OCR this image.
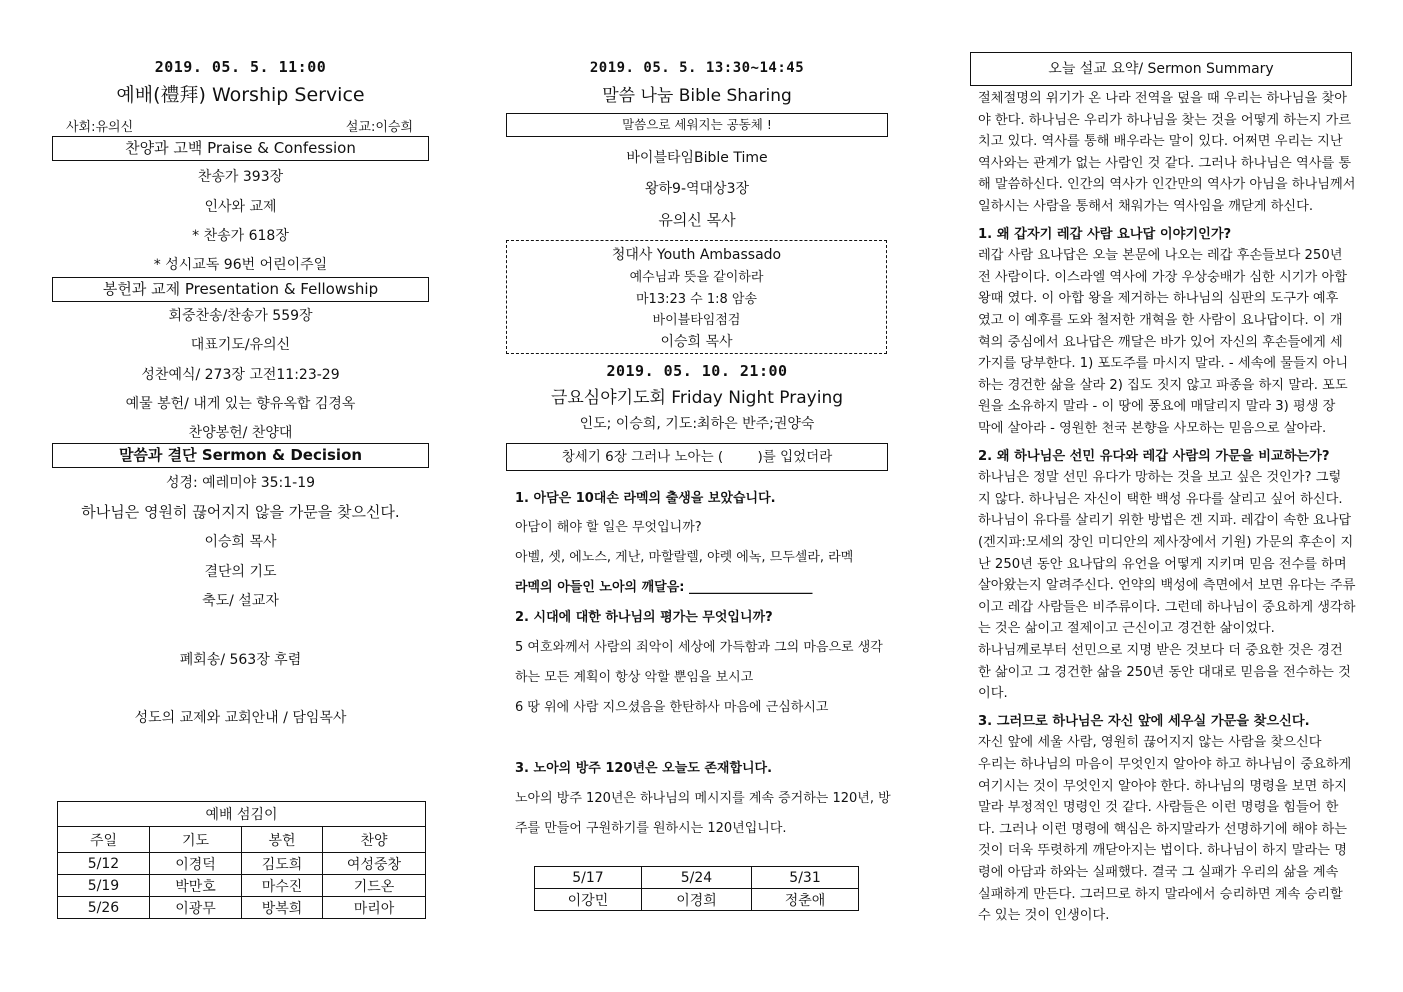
2019. 05. 5. 11:00
예배(禮拜) Worship Service
사회:유의신	설교:이승희
찬양과 고백 Praise & Confession
찬송가 393장
인사와 교제
* 찬송가 618장
* 성시교독 96번 어린이주일
봉헌과 교제 Presentation & Fellowship
회중찬송/찬송가 559장
대표기도/유의신
성찬예식/ 273장 고전11:23-29
예물 봉헌/ 내게 있는 향유옥합 김경옥
찬양봉헌/ 찬양대
말씀과 결단 Sermon & Decision
성경: 예레미야 35:1-19
하나님은 영원히 끊어지지 않을 가문을 찾으신다.
이승희 목사
결단의 기도
축도/ 설교자
폐회송/ 563장 후렴
성도의 교제와 교회안내 / 담임목사
예배 섬김이			
주일	기도	봉헌	찬양
5/12	이경덕	김도희	여성중창
5/19	박만호	마수진	기드온
5/26	이광무	방복희	마리아
2019. 05. 5. 13:30~14:45
말씀 나눔 Bible Sharing
말씀으로 세워지는 공동체 !
바이블타임Bible Time
왕하9-역대상3장
유의신 목사
청대사 Youth Ambassado
예수님과 뜻을 같이하라
마13:23 수 1:8 암송
바이블타임점검
이승희 목사
2019. 05. 10. 21:00
금요심야기도회 Friday Night Praying
인도; 이승희, 기도:최하은 반주;권양숙
창세기 6장 그러나 노아는 (        )를 입었더라
1. 아담은 10대손 라멕의 출생을 보았습니다.
아담이 해야 할 일은 무엇입니까?
아벨, 셋, 에노스, 게난, 마할랄렐, 야렛 에녹, 므두셀라, 라멕
라멕의 아들인 노아의 깨달음: ___________________
2. 시대에 대한 하나님의 평가는 무엇입니까?
5 여호와께서 사람의 죄악이 세상에 가득함과 그의 마음으로 생각
하는 모든 계획이 항상 악할 뿐임을 보시고
6 땅 위에 사람 지으셨음을 한탄하사 마음에 근심하시고
3. 노아의 방주 120년은 오늘도 존재합니다.
노아의 방주 120년은 하나님의 메시지를 계속 증거하는 120년, 방
주를 만들어 구원하기를 원하시는 120년입니다.
5/17	5/24	5/31
이강민	이경희	정춘애
오늘 설교 요약/ Sermon Summary
절체절명의 위기가 온 나라 전역을 덮을 때 우리는 하나님을 찾아
야 한다. 하나님은 우리가 하나님을 찾는 것을 어떻게 하는지 가르
치고 있다. 역사를 통해 배우라는 말이 있다. 어쩌면 우리는 지난
역사와는 관계가 없는 사람인 것 같다. 그러나 하나님은 역사를 통
해 말씀하신다. 인간의 역사가 인간만의 역사가 아님을 하나님께서
일하시는 사람을 통해서 채워가는 역사임을 깨닫게 하신다.
1. 왜 갑자기 레갑 사람 요나답 이야기인가?
레갑 사람 요나답은 오늘 본문에 나오는 레갑 후손들보다 250년
전 사람이다. 이스라엘 역사에 가장 우상숭배가 심한 시기가 아합
왕때 였다. 이 아합 왕을 제거하는 하나님의 심판의 도구가 예후
였고 이 예후를 도와 철저한 개혁을 한 사람이 요나답이다. 이 개
혁의 중심에서 요나답은 깨달은 바가 있어 자신의 후손들에게 세
가지를 당부한다. 1) 포도주를 마시지 말라. - 세속에 물들지 아니
하는 경건한 삶을 살라 2) 집도 짓지 않고 파종을 하지 말라. 포도
원을 소유하지 말라 - 이 땅에 풍요에 매달리지 말라 3) 평생 장
막에 살아라 - 영원한 천국 본향을 사모하는 믿음으로 살아라.
2. 왜 하나님은 선민 유다와 레갑 사람의 가문을 비교하는가?
하나님은 정말 선민 유다가 망하는 것을 보고 싶은 것인가? 그렇
지 않다. 하나님은 자신이 택한 백성 유다를 살리고 싶어 하신다.
하나님이 유다를 살리기 위한 방법은 겐 지파. 레갑이 속한 요나답
(겐지파:모세의 장인 미디안의 제사장에서 기원) 가문의 후손이 지
난 250년 동안 요나답의 유언을 어떻게 지키며 믿음 전수를 하며
살아왔는지 알려주신다. 언약의 백성에 측면에서 보면 유다는 주류
이고 레갑 사람들은 비주류이다. 그런데 하나님이 중요하게 생각하
는 것은 삶이고 절제이고 근신이고 경건한 삶이었다.
하나님께로부터 선민으로 지명 받은 것보다 더 중요한 것은 경건
한 삶이고 그 경건한 삶을 250년 동안 대대로 믿음을 전수하는 것
이다.
3. 그러므로 하나님은 자신 앞에 세우실 가문을 찾으신다.
자신 앞에 세울 사람, 영원히 끊어지지 않는 사람을 찾으신다
우리는 하나님의 마음이 무엇인지 알아야 하고 하나님이 중요하게
여기시는 것이 무엇인지 알아야 한다. 하나님의 명령을 보면 하지
말라 부정적인 명령인 것 같다. 사람들은 이런 명령을 힘들어 한
다. 그러나 이런 명령에 핵심은 하지말라가 선명하기에 해야 하는
것이 더욱 뚜렷하게 깨닫아지는 법이다. 하나님이 하지 말라는 명
령에 아담과 하와는 실패했다. 결국 그 실패가 우리의 삶을 계속
실패하게 만든다. 그러므로 하지 말라에서 승리하면 계속 승리할
수 있는 것이 인생이다.
